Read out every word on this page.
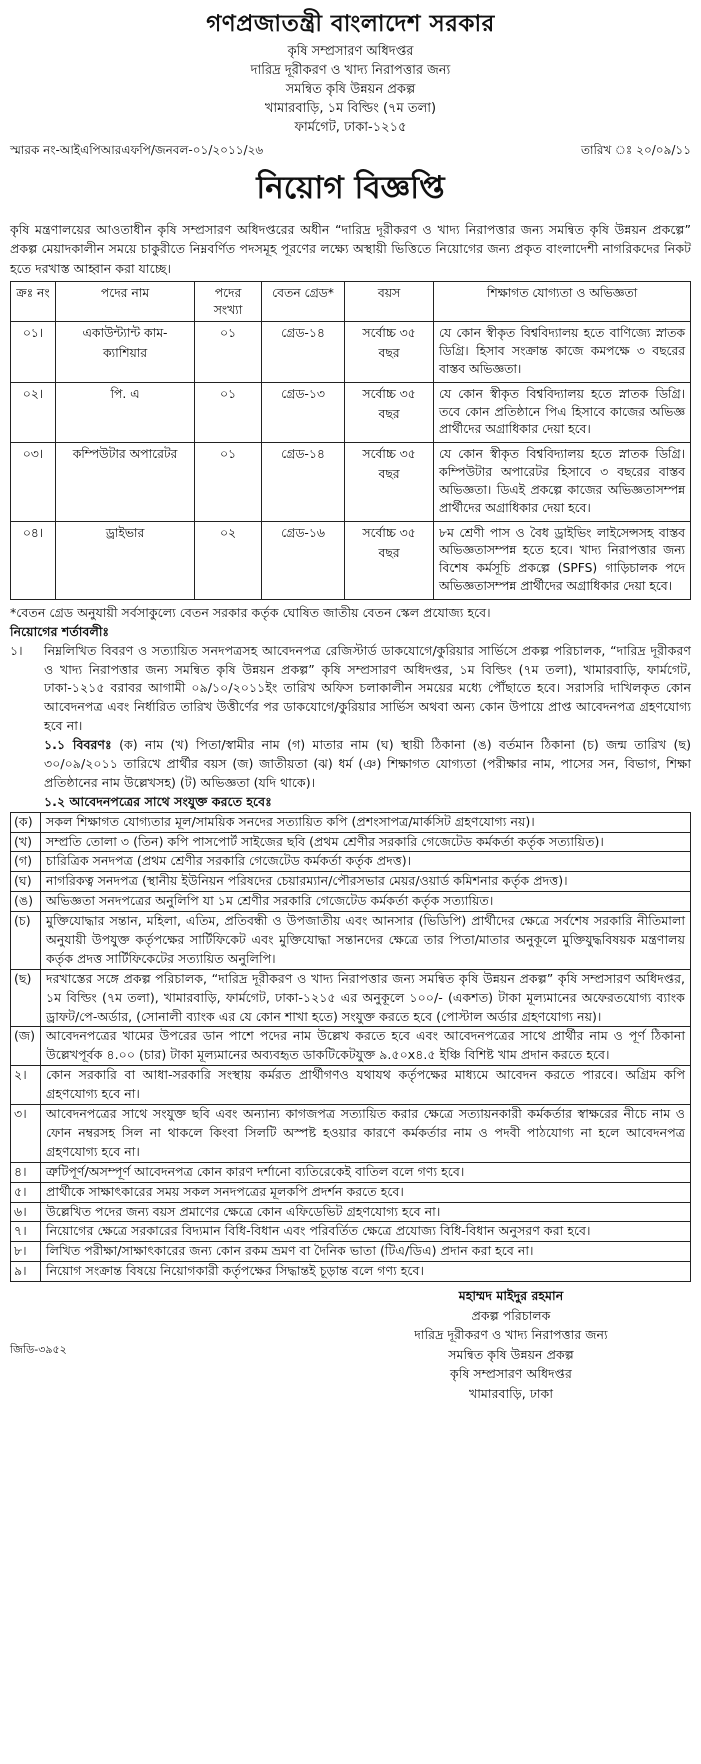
গণপ্রজাতন্ত্রী বাংলাদেশ সরকার
কৃষি সম্প্রসারণ অধিদপ্তর
দারিদ্র দূরীকরণ ও খাদ্য নিরাপত্তার জন্য
সমন্বিত কৃষি উন্নয়ন প্রকল্প
খামারবাড়ি, ১ম বিল্ডিং (৭ম তলা)
ফার্মগেট, ঢাকা-১২১৫
স্মারক নং-আইএপিআরএফপি/জনবল-০১/২০১১/২৬	তারিখ ঃ ২০/০৯/১১
নিয়োগ বিজ্ঞপ্তি
কৃষি মন্ত্রণালয়ের আওতাধীন কৃষি সম্প্রসারণ অধিদপ্তরের অধীন “দারিদ্র দূরীকরণ ও খাদ্য নিরাপত্তার জন্য সমন্বিত কৃষি উন্নয়ন প্রকল্পে” প্রকল্প মেয়াদকালীন সময়ে চাকুরীতে নিম্নবর্ণিত পদসমূহ পূরণের লক্ষ্যে অস্থায়ী ভিত্তিতে নিয়োগের জন্য প্রকৃত বাংলাদেশী নাগরিকদের নিকট হতে দরখাস্ত আহ্বান করা যাচ্ছে।
ক্রঃ নং	পদের নাম	পদের সংখ্যা	বেতন গ্রেড*	বয়স	শিক্ষাগত যোগ্যতা ও অভিজ্ঞতা
০১।	একাউন্ট্যান্ট কাম-ক্যাশিয়ার	০১	গ্রেড-১৪	সর্বোচ্চ ৩৫ বছর	যে কোন স্বীকৃত বিশ্ববিদ্যালয় হতে বাণিজ্যে স্নাতক ডিগ্রি। হিসাব সংক্রান্ত কাজে কমপক্ষে ৩ বছরের বাস্তব অভিজ্ঞতা।
০২।	পি. এ	০১	গ্রেড-১৩	সর্বোচ্চ ৩৫ বছর	যে কোন স্বীকৃত বিশ্ববিদ্যালয় হতে স্নাতক ডিগ্রি। তবে কোন প্রতিষ্ঠানে পিএ হিসাবে কাজের অভিজ্ঞ প্রার্থীদের অগ্রাধিকার দেয়া হবে।
০৩।	কম্পিউটার অপারেটর	০১	গ্রেড-১৪	সর্বোচ্চ ৩৫ বছর	যে কোন স্বীকৃত বিশ্ববিদ্যালয় হতে স্নাতক ডিগ্রি। কম্পিউটার অপারেটর হিসাবে ৩ বছরের বাস্তব অভিজ্ঞতা। ডিএই প্রকল্পে কাজের অভিজ্ঞতাসম্পন্ন প্রার্থীদের অগ্রাধিকার দেয়া হবে।
০৪।	ড্রাইভার	০২	গ্রেড-১৬	সর্বোচ্চ ৩৫ বছর	৮ম শ্রেণী পাস ও বৈধ ড্রাইভিং লাইসেন্সসহ বাস্তব অভিজ্ঞতাসম্পন্ন হতে হবে। খাদ্য নিরাপত্তার জন্য বিশেষ কর্মসূচি প্রকল্পে (SPFS) গাড়িচালক পদে অভিজ্ঞতাসম্পন্ন প্রার্থীদের অগ্রাধিকার দেয়া হবে।
*বেতন গ্রেড অনুযায়ী সর্বসাকুল্যে বেতন সরকার কর্তৃক ঘোষিত জাতীয় বেতন স্কেল প্রযোজ্য হবে।
নিয়োগের শর্তাবলীঃ
১।	নিম্নলিখিত বিবরণ ও সত্যায়িত সনদপত্রসহ আবেদনপত্র রেজিস্টার্ড ডাকযোগে/কুরিয়ার সার্ভিসে প্রকল্প পরিচালক, “দারিদ্র দূরীকরণ ও খাদ্য নিরাপত্তার জন্য সমন্বিত কৃষি উন্নয়ন প্রকল্প” কৃষি সম্প্রসারণ অধিদপ্তর, ১ম বিল্ডিং (৭ম তলা), খামারবাড়ি, ফার্মগেট, ঢাকা-১২১৫ বরাবর আগামী ০৯/১০/২০১১ইং তারিখ অফিস চলাকালীন সময়ের মধ্যে পৌঁছাতে হবে। সরাসরি দাখিলকৃত কোন আবেদনপত্র এবং নির্ধারিত তারিখ উত্তীর্ণের পর ডাকযোগে/কুরিয়ার সার্ভিস অথবা অন্য কোন উপায়ে প্রাপ্ত আবেদনপত্র গ্রহণযোগ্য হবে না।
১.১ বিবরণঃ (ক) নাম (খ) পিতা/স্বামীর নাম (গ) মাতার নাম (ঘ) স্থায়ী ঠিকানা (ঙ) বর্তমান ঠিকানা (চ) জন্ম তারিখ (ছ) ৩০/০৯/২০১১ তারিখে প্রার্থীর বয়স (জ) জাতীয়তা (ঝ) ধর্ম (ঞ) শিক্ষাগত যোগ্যতা (পরীক্ষার নাম, পাসের সন, বিভাগ, শিক্ষা প্রতিষ্ঠানের নাম উল্লেখসহ) (ট) অভিজ্ঞতা (যদি থাকে)।
১.২ আবেদনপত্রের সাথে সংযুক্ত করতে হবেঃ
(ক)	সকল শিক্ষাগত যোগ্যতার মূল/সাময়িক সনদের সত্যায়িত কপি (প্রশংসাপত্র/মার্কসিট গ্রহণযোগ্য নয়)।
(খ)	সম্প্রতি তোলা ৩ (তিন) কপি পাসপোর্ট সাইজের ছবি (প্রথম শ্রেণীর সরকারি গেজেটেড কর্মকর্তা কর্তৃক সত্যায়িত)।
(গ)	চারিত্রিক সনদপত্র (প্রথম শ্রেণীর সরকারি গেজেটেড কর্মকর্তা কর্তৃক প্রদত্ত)।
(ঘ)	নাগরিকত্ব সনদপত্র (স্থানীয় ইউনিয়ন পরিষদের চেয়ারম্যান/পৌরসভার মেয়র/ওয়ার্ড কমিশনার কর্তৃক প্রদত্ত)।
(ঙ)	অভিজ্ঞতা সনদপত্রের অনুলিপি যা ১ম শ্রেণীর সরকারি গেজেটেড কর্মকর্তা কর্তৃক সত্যায়িত।
(চ)	মুক্তিযোদ্ধার সন্তান, মহিলা, এতিম, প্রতিবন্ধী ও উপজাতীয় এবং আনসার (ভিডিপি) প্রার্থীদের ক্ষেত্রে সর্বশেষ সরকারি নীতিমালা অনুযায়ী উপযুক্ত কর্তৃপক্ষের সার্টিফিকেট এবং মুক্তিযোদ্ধা সন্তানদের ক্ষেত্রে তার পিতা/মাতার অনুকূলে মুক্তিযুদ্ধবিষয়ক মন্ত্রণালয় কর্তৃক প্রদত্ত সার্টিফিকেটের সত্যায়িত অনুলিপি।
(ছ)	দরখাস্তের সঙ্গে প্রকল্প পরিচালক, “দারিদ্র দূরীকরণ ও খাদ্য নিরাপত্তার জন্য সমন্বিত কৃষি উন্নয়ন প্রকল্প” কৃষি সম্প্রসারণ অধিদপ্তর, ১ম বিল্ডিং (৭ম তলা), খামারবাড়ি, ফার্মগেট, ঢাকা-১২১৫ এর অনুকূলে ১০০/- (একশত) টাকা মূল্যমানের অফেরতযোগ্য ব্যাংক ড্রাফট/পে-অর্ডার, (সোনালী ব্যাংক এর যে কোন শাখা হতে) সংযুক্ত করতে হবে (পোস্টাল অর্ডার গ্রহণযোগ্য নয়)।
(জ) আবেদনপত্রের খামের উপরের ডান পাশে পদের নাম উল্লেখ করতে হবে এবং আবেদনপত্রের সাথে প্রার্থীর নাম ও পূর্ণ ঠিকানা উল্লেখপূর্বক ৪.০০ (চার) টাকা মূল্যমানের অব্যবহৃত ডাকটিকেটযুক্ত ৯.৫০x৪.৫ ইঞ্চি বিশিষ্ট খাম প্রদান করতে হবে।
২।	কোন সরকারি বা আধা-সরকারি সংস্থায় কর্মরত প্রার্থীগণও যথাযথ কর্তৃপক্ষের মাধ্যমে আবেদন করতে পারবে। অগ্রিম কপি গ্রহণযোগ্য হবে না।
৩।	আবেদনপত্রের সাথে সংযুক্ত ছবি এবং অন্যান্য কাগজপত্র সত্যায়িত করার ক্ষেত্রে সত্যায়নকারী কর্মকর্তার স্বাক্ষরের নীচে নাম ও ফোন নম্বরসহ সিল না থাকলে কিংবা সিলটি অস্পষ্ট হওয়ার কারণে কর্মকর্তার নাম ও পদবী পাঠযোগ্য না হলে আবেদনপত্র গ্রহণযোগ্য হবে না।
৪।	ত্রুটিপূর্ণ/অসম্পূর্ণ আবেদনপত্র কোন কারণ দর্শানো ব্যতিরেকেই বাতিল বলে গণ্য হবে।
৫।	প্রার্থীকে সাক্ষাৎকারের সময় সকল সনদপত্রের মূলকপি প্রদর্শন করতে হবে।
৬।	উল্লেখিত পদের জন্য বয়স প্রমাণের ক্ষেত্রে কোন এফিডেভিট গ্রহণযোগ্য হবে না।
৭।	নিয়োগের ক্ষেত্রে সরকারের বিদ্যমান বিধি-বিধান এবং পরিবর্তিত ক্ষেত্রে প্রযোজ্য বিধি-বিধান অনুসরণ করা হবে।
৮।	লিখিত পরীক্ষা/সাক্ষাৎকারের জন্য কোন রকম ভ্রমণ বা দৈনিক ভাতা (টিএ/ডিএ) প্রদান করা হবে না।
৯।	নিয়োগ সংক্রান্ত বিষয়ে নিয়োগকারী কর্তৃপক্ষের সিদ্ধান্তই চূড়ান্ত বলে গণ্য হবে।
মহাম্মদ মাইদুর রহমান
প্রকল্প পরিচালক
দারিদ্র দূরীকরণ ও খাদ্য নিরাপত্তার জন্য
সমন্বিত কৃষি উন্নয়ন প্রকল্প
কৃষি সম্প্রসারণ অধিদপ্তর
খামারবাড়ি, ঢাকা
জিডি-৩৯৫২
